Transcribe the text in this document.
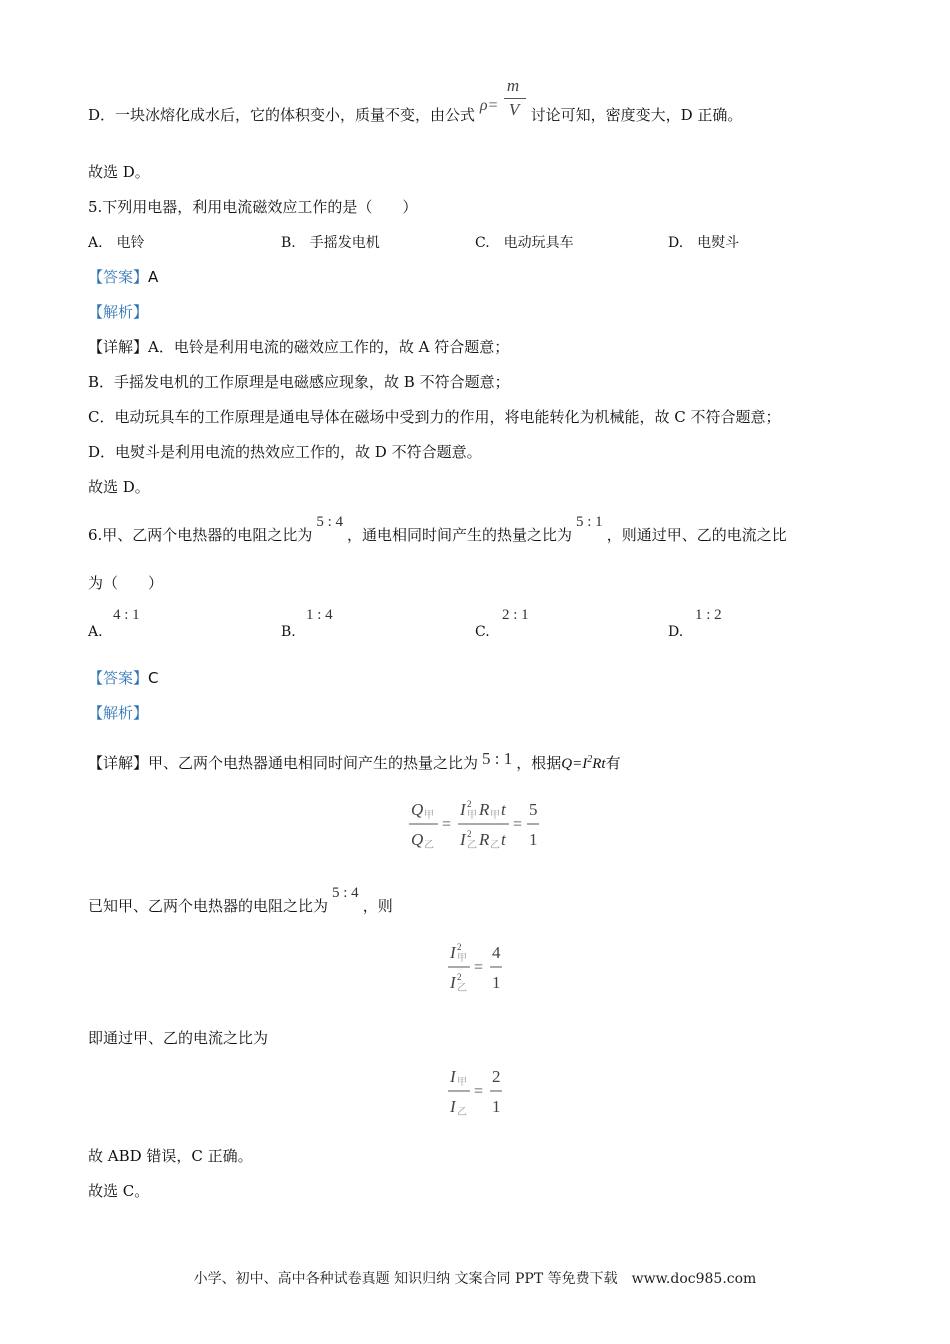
D．一块冰熔化成水后，它的体积变小，质量不变，由公式
ρ=
m
V 讨论可知，密度变大，D 正确。
故选 D。
5.下列用电器，利用电流磁效应工作的是（　　）
A.　电铃	B.　手摇发电机	C.　电动玩具车	D.　电熨斗
【答案】A
【解析】
【详解】A．电铃是利用电流的磁效应工作的，故 A 符合题意；
B．手摇发电机的工作原理是电磁感应现象，故 B 不符合题意；
C．电动玩具车的工作原理是通电导体在磁场中受到力的作用，将电能转化为机械能，故 C 不符合题意；
D．电熨斗是利用电流的热效应工作的，故 D 不符合题意。
故选 D。
6.甲、乙两个电热器的电阻之比为5 : 4，通电相同时间产生的热量之比为5 : 1，则通过甲、乙的电流之比
为（　　）
A.
4 : 1
B.
1 : 4
C.
2 : 1
D.
1 : 2
【答案】C
【解析】
【详解】甲、乙两个电热器通电相同时间产生的热量之比为 5 : 1 ，根据$Q=I^2Rt$有
Q 甲
Q 乙
=
I 2
甲 R 甲 t
I 2
乙 R 乙 t
=
5
1
已知甲、乙两个电热器的电阻之比为5 : 4，则
I 2
甲
I 2
乙
=
4
1
即通过甲、乙的电流之比为
I 甲
I 乙
=
2
1
故 ABD 错误，C 正确。
故选 C。
小学、初中、高中各种试卷真题 知识归纳 文案合同 PPT 等免费下载　www.doc985.com
